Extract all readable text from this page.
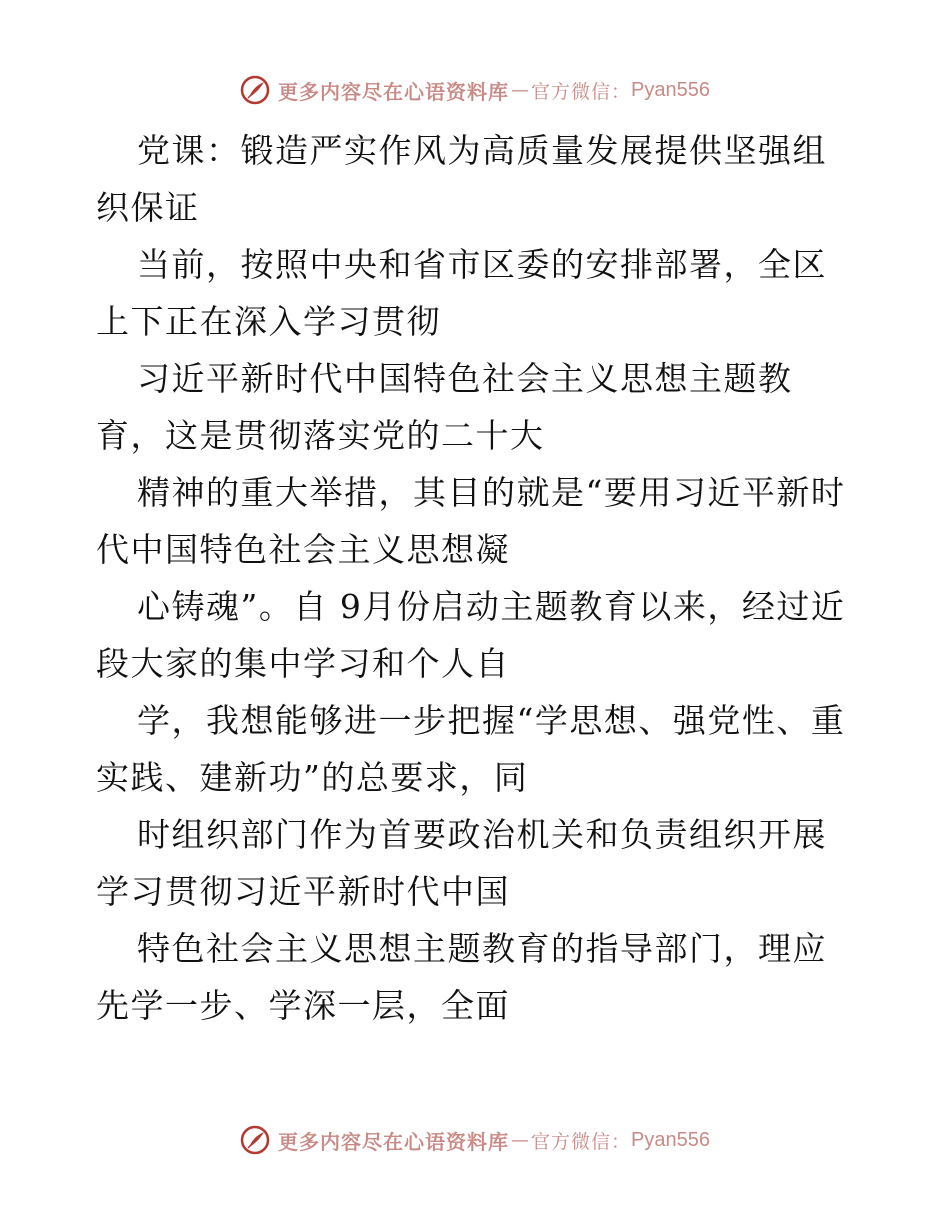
更多内容尽在心语资料库 — 官方微信： Pyan556

党课：锻造严实作风为高质量发展提供坚强组织保证

当前，按照中央和省市区委的安排部署，全区上下正在深入学习贯彻

习近平新时代中国特色社会主义思想主题教育，这是贯彻落实党的二十大

精神的重大举措，其目的就是“要用习近平新时代中国特色社会主义思想凝

心铸魂”。自 9月份启动主题教育以来，经过近段大家的集中学习和个人自

学，我想能够进一步把握“学思想、强党性、重实践、建新功”的总要求，同

时组织部门作为首要政治机关和负责组织开展学习贯彻习近平新时代中国

特色社会主义思想主题教育的指导部门，理应先学一步、学深一层，全面

更多内容尽在心语资料库 — 官方微信： Pyan556
